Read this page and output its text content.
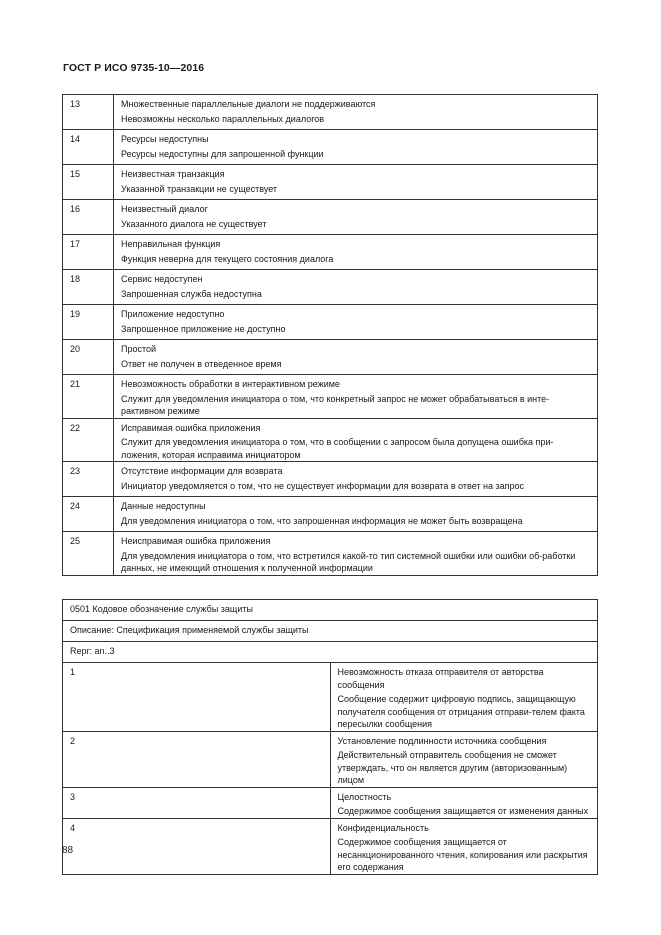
ГОСТ Р ИСО 9735-10—2016
13	Множественные параллельные диалоги не поддерживаются
Невозможны несколько параллельных диалогов

14	Ресурсы недоступны
Ресурсы недоступны для запрошенной функции

15	Неизвестная транзакция
Указанной транзакции не существует

16	Неизвестный диалог
Указанного диалога не существует

17	Неправильная функция
Функция неверна для текущего состояния диалога

18	Сервис недоступен
Запрошенная служба недоступна

19	Приложение недоступно
Запрошенное приложение не доступно

20	Простой
Ответ не получен в отведенное время

21	Невозможность обработки в интерактивном режиме
Служит для уведомления инициатора о том, что конкретный запрос не может обрабатываться в инте-рактивном режиме

22	Исправимая ошибка приложения
Служит для уведомления инициатора о том, что в сообщении с запросом была допущена ошибка при-ложения, которая исправима инициатором

23	Отсутствие информации для возврата
Инициатор уведомляется о том, что не существует информации для возврата в ответ на запрос

24	Данные недоступны
Для уведомления инициатора о том, что запрошенная информация не может быть возвращена

25	Неисправимая ошибка приложения
Для уведомления инициатора о том, что встретился какой-то тип системной ошибки или ошибки об-работки данных, не имеющий отношения к полученной информации
0501 Кодовое обозначение службы защиты	
Описание: Спецификация применяемой службы защиты	
Repr: an..3	
1	Невозможность отказа отправителя от авторства сообщения
Сообщение содержит цифровую подпись, защищающую получателя сообщения от отрицания отправи-телем факта пересылки сообщения

2	Установление подлинности источника сообщения
Действительный отправитель сообщения не сможет утверждать, что он является другим (авторизованным) лицом

3	Целостность
Содержимое сообщения защищается от изменения данных

4	Конфиденциальность
Содержимое сообщения защищается от несанкционированного чтения, копирования или раскрытия его содержания
88
